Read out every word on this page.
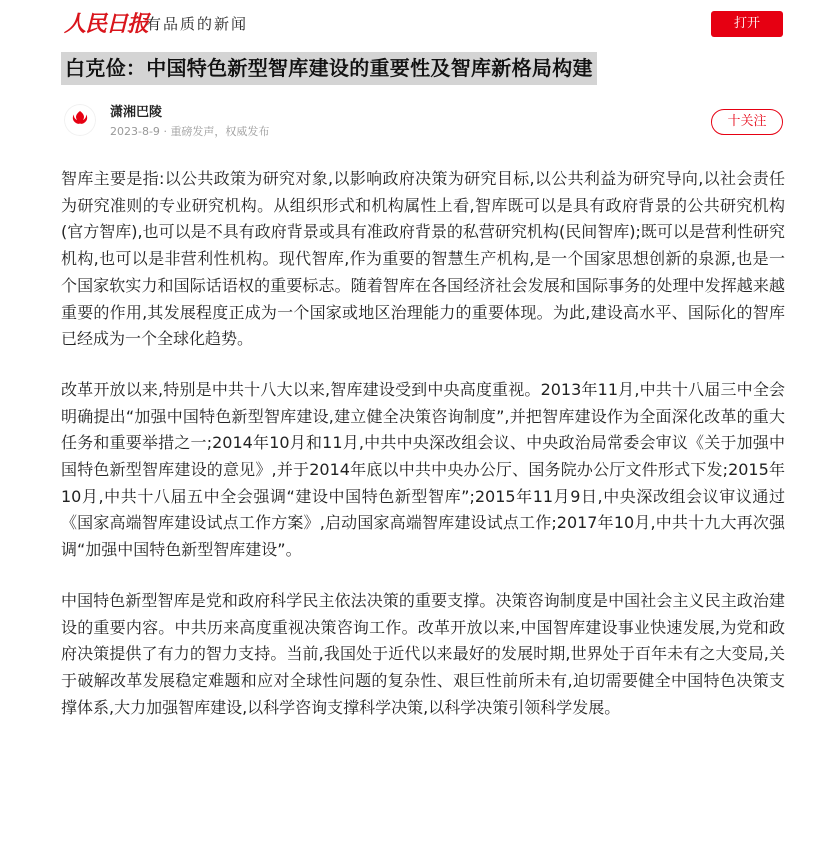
人民日报
有品质的新闻	打开
白克俭：中国特色新型智库建设的重要性及智库新格局构建
潇湘巴陵
2023-8-9 · 重磅发声，权威发布
十关注

智库主要是指:以公共政策为研究对象,以影响政府决策为研究目标,以公共利益为研究导向,以社会责任为研究准则的专业研究机构。从组织形式和机构属性上看,智库既可以是具有政府背景的公共研究机构(官方智库),也可以是不具有政府背景或具有准政府背景的私营研究机构(民间智库);既可以是营利性研究机构,也可以是非营利性机构。现代智库,作为重要的智慧生产机构,是一个国家思想创新的泉源,也是一个国家软实力和国际话语权的重要标志。随着智库在各国经济社会发展和国际事务的处理中发挥越来越重要的作用,其发展程度正成为一个国家或地区治理能力的重要体现。为此,建设高水平、国际化的智库已经成为一个全球化趋势。

改革开放以来,特别是中共十八大以来,智库建设受到中央高度重视。2013年11月,中共十八届三中全会明确提出“加强中国特色新型智库建设,建立健全决策咨询制度”,并把智库建设作为全面深化改革的重大任务和重要举措之一;2014年10月和11月,中共中央深改组会议、中央政治局常委会审议《关于加强中国特色新型智库建设的意见》,并于2014年底以中共中央办公厅、国务院办公厅文件形式下发;2015年10月,中共十八届五中全会强调“建设中国特色新型智库”;2015年11月9日,中央深改组会议审议通过《国家高端智库建设试点工作方案》,启动国家高端智库建设试点工作;2017年10月,中共十九大再次强调“加强中国特色新型智库建设”。

中国特色新型智库是党和政府科学民主依法决策的重要支撑。决策咨询制度是中国社会主义民主政治建设的重要内容。中共历来高度重视决策咨询工作。改革开放以来,中国智库建设事业快速发展,为党和政府决策提供了有力的智力支持。当前,我国处于近代以来最好的发展时期,世界处于百年未有之大变局,关于破解改革发展稳定难题和应对全球性问题的复杂性、艰巨性前所未有,迫切需要健全中国特色决策支撑体系,大力加强智库建设,以科学咨询支撑科学决策,以科学决策引领科学发展。
